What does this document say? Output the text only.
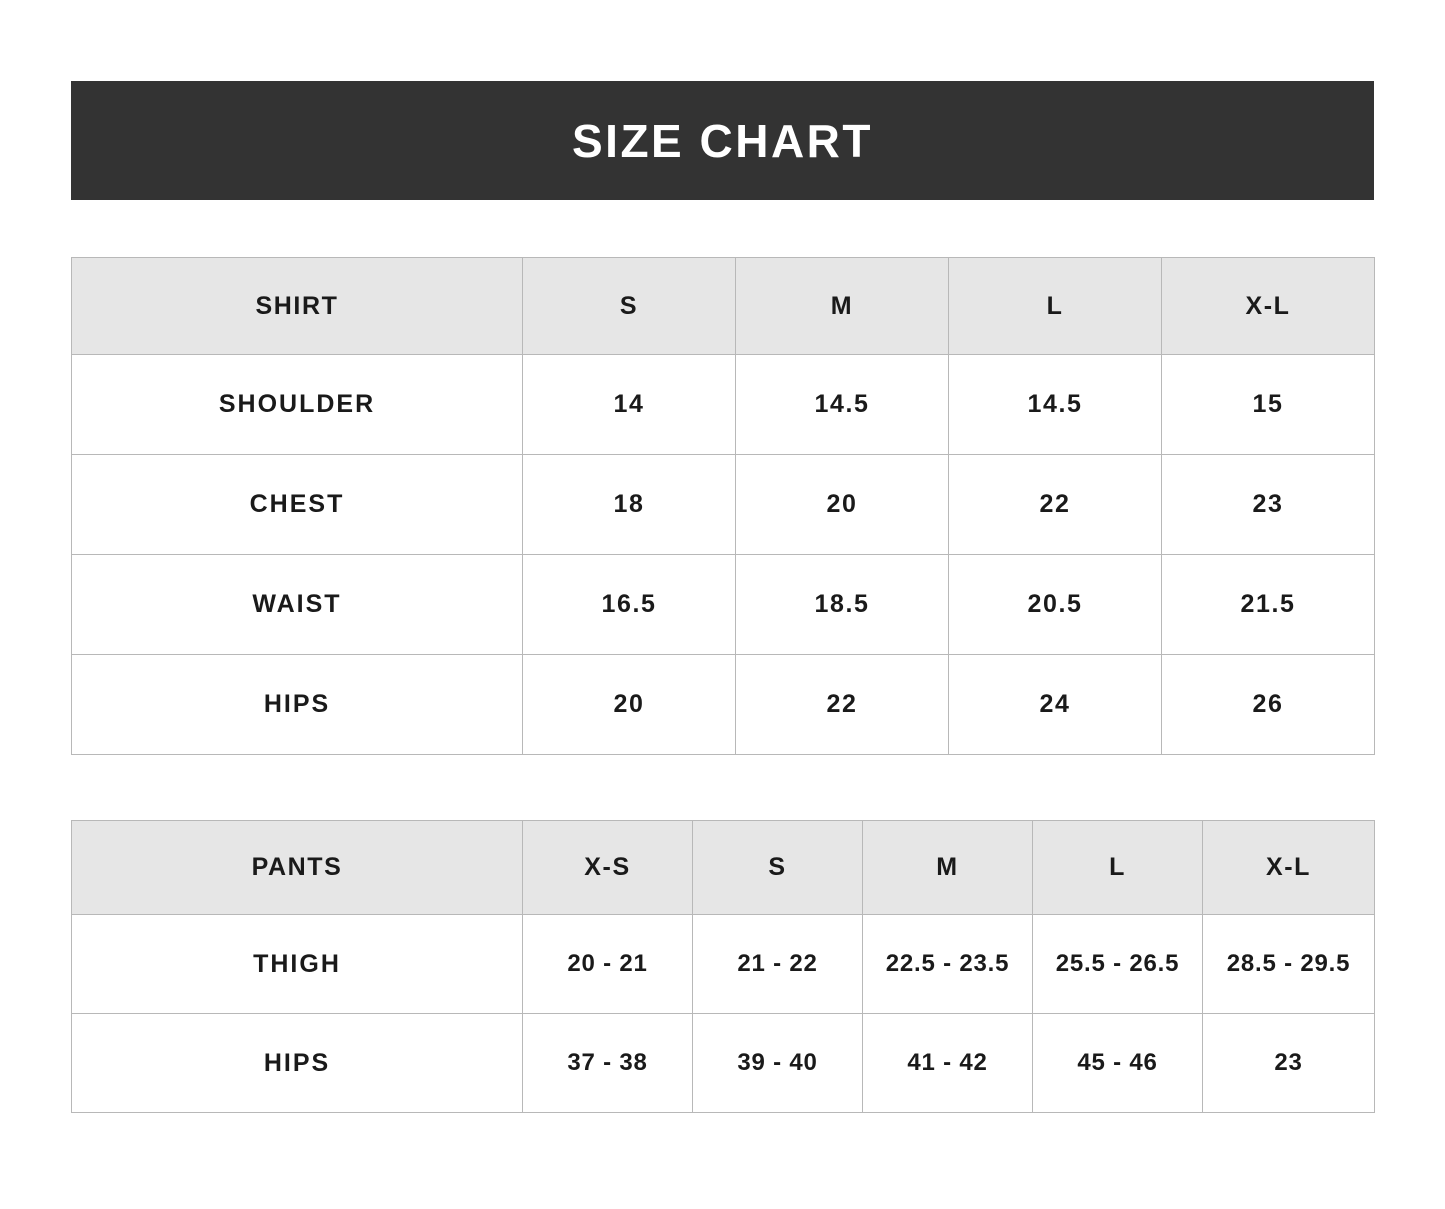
SIZE CHART
SHIRT	S	M	L	X-L
SHOULDER	14	14.5	14.5	15
CHEST	18	20	22	23
WAIST	16.5	18.5	20.5	21.5
HIPS	20	22	24	26
PANTS	X-S	S	M	L	X-L
THIGH	20 - 21	21 - 22	22.5 - 23.5	25.5 - 26.5	28.5 - 29.5
HIPS	37 - 38	39 - 40	41 - 42	45 - 46	23
